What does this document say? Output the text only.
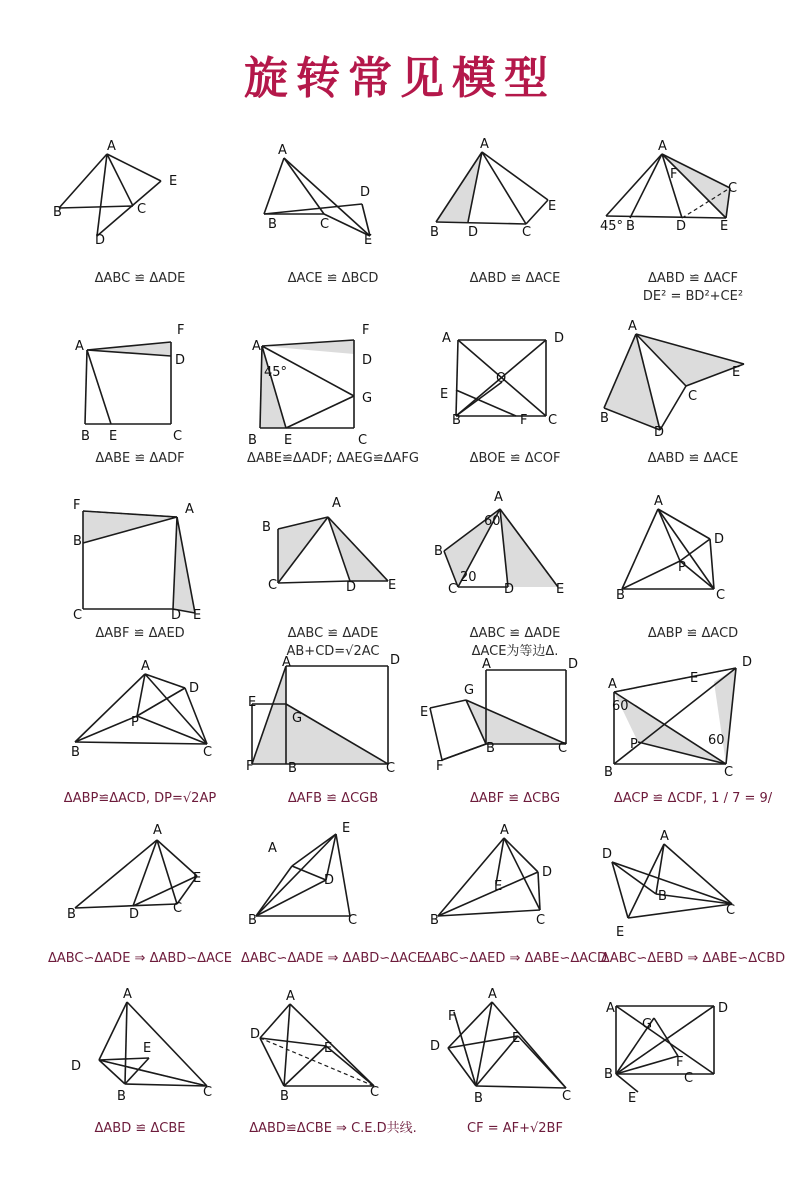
旋转常见模型
A
B	C
D
E
ΔABC ≌ ΔADE
A
B	C
D
E
ΔACE ≌ ΔBCD
A
B D	C
E
ΔABD ≌ ΔACE
A
45° B	D	E
C
F
ΔABD ≌ ΔACF
DE² = BD²+CE²
A
F
D
B E	C
ΔABE ≌ ΔADF
A
F
D
45°
G
B E	C
ΔABE≌ΔADF; ΔAEG≌ΔAFG
A	D
O
E
B	F C
ΔBOE ≌ ΔCOF
A
E
C
B
D
ΔABD ≌ ΔACE
F	A
B
C	D E
ΔABF ≌ ΔAED
A
B
C	D E
ΔABC ≌ ΔADE
AB+CD=√2AC
A
60
B
20
C	D	E
ΔABC ≌ ΔADE
ΔACE为等边Δ.
A
D
P
B	C
ΔABP ≌ ΔACD
A
D
P
B	C
ΔABP≌ΔACD, DP=√2AP
A	D
E
G
F	B	C
ΔAFB ≌ ΔCGB
A	D
G
E
F
B	C
ΔABF ≌ ΔCBG
D
E
A
60
P	60
B	C
ΔACP ≌ ΔCDF, 1 / 7 = 9/
A
E
B	D	C
ΔABC∽ΔADE ⇒ ΔABD∽ΔACE
E
A
D
B	C
ΔABC∽ΔADE ⇒ ΔABD∽ΔACE
A
D
E
B	C
ΔABC∽ΔAED ⇒ ΔABE∽ΔACD
D
A
B
C
E
ΔABC∽ΔEBD ⇒ ΔABE∽ΔCBD
A
E
D
B	C
ΔABD ≌ ΔCBE
A
D
E
B	C
ΔABD≌ΔCBE ⇒ C.E.D共线.
A
F
E
D
B	C
CF = AF+√2BF
A	D
G
F
B	C
E
